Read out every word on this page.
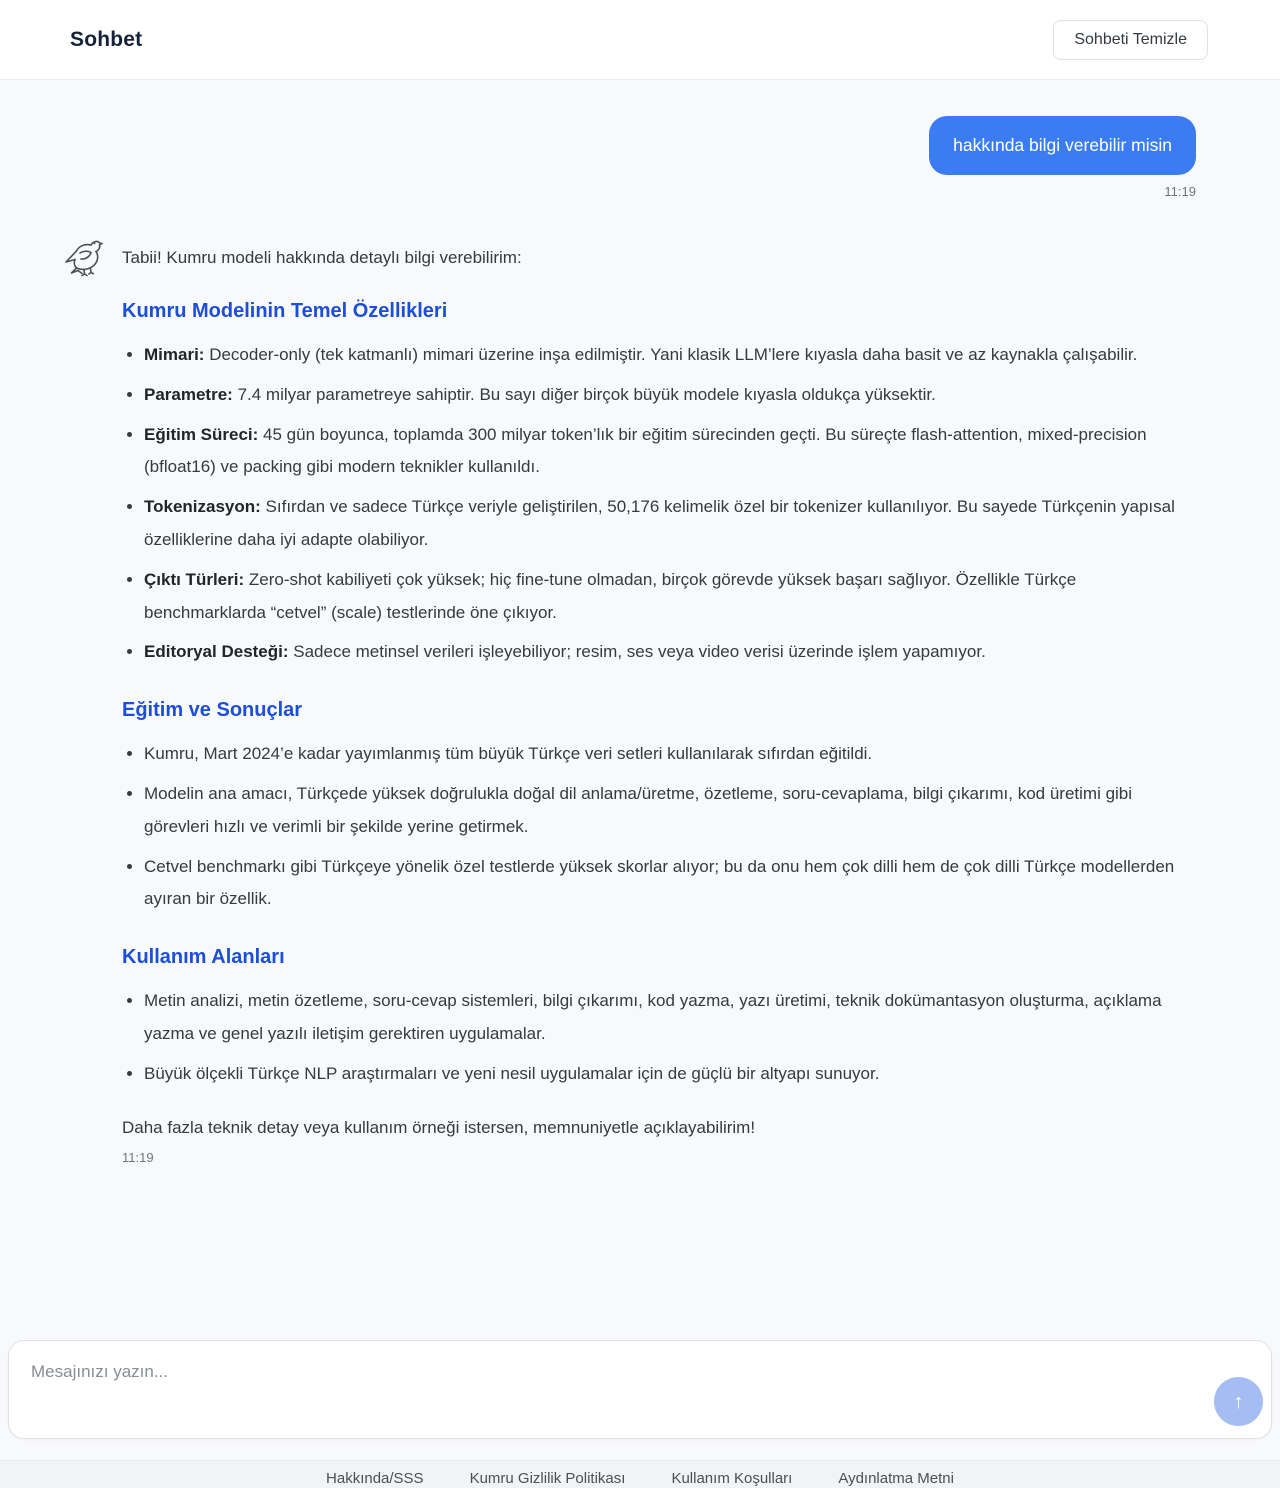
Sohbet	Sohbeti Temizle
hakkında bilgi verebilir misin
11:19
Tabii! Kumru modeli hakkında detaylı bilgi verebilirim:
Kumru Modelinin Temel Özellikleri
• Mimari: Decoder-only (tek katmanlı) mimari üzerine inşa edilmiştir. Yani klasik LLM’lere kıyasla daha basit ve az kaynakla çalışabilir.
• Parametre: 7.4 milyar parametreye sahiptir. Bu sayı diğer birçok büyük modele kıyasla oldukça yüksektir.
• Eğitim Süreci: 45 gün boyunca, toplamda 300 milyar token’lık bir eğitim sürecinden geçti. Bu süreçte flash-attention, mixed-precision (bfloat16) ve packing gibi modern teknikler kullanıldı.
• Tokenizasyon: Sıfırdan ve sadece Türkçe veriyle geliştirilen, 50,176 kelimelik özel bir tokenizer kullanılıyor. Bu sayede Türkçenin yapısal özelliklerine daha iyi adapte olabiliyor.
• Çıktı Türleri: Zero-shot kabiliyeti çok yüksek; hiç fine-tune olmadan, birçok görevde yüksek başarı sağlıyor. Özellikle Türkçe benchmarklarda “cetvel” (scale) testlerinde öne çıkıyor.
• Editoryal Desteği: Sadece metinsel verileri işleyebiliyor; resim, ses veya video verisi üzerinde işlem yapamıyor.
Eğitim ve Sonuçlar
• Kumru, Mart 2024’e kadar yayımlanmış tüm büyük Türkçe veri setleri kullanılarak sıfırdan eğitildi.
• Modelin ana amacı, Türkçede yüksek doğrulukla doğal dil anlama/üretme, özetleme, soru-cevaplama, bilgi çıkarımı, kod üretimi gibi görevleri hızlı ve verimli bir şekilde yerine getirmek.
• Cetvel benchmarkı gibi Türkçeye yönelik özel testlerde yüksek skorlar alıyor; bu da onu hem çok dilli hem de çok dilli Türkçe modellerden ayıran bir özellik.
Kullanım Alanları
• Metin analizi, metin özetleme, soru-cevap sistemleri, bilgi çıkarımı, kod yazma, yazı üretimi, teknik dokümantasyon oluşturma, açıklama yazma ve genel yazılı iletişim gerektiren uygulamalar.
• Büyük ölçekli Türkçe NLP araştırmaları ve yeni nesil uygulamalar için de güçlü bir altyapı sunuyor.
Daha fazla teknik detay veya kullanım örneği istersen, memnuniyetle açıklayabilirim!
11:19
Mesajınızı yazın...
↑
Hakkında/SSS	Kumru Gizlilik Politikası	Kullanım Koşulları	Aydınlatma Metni
